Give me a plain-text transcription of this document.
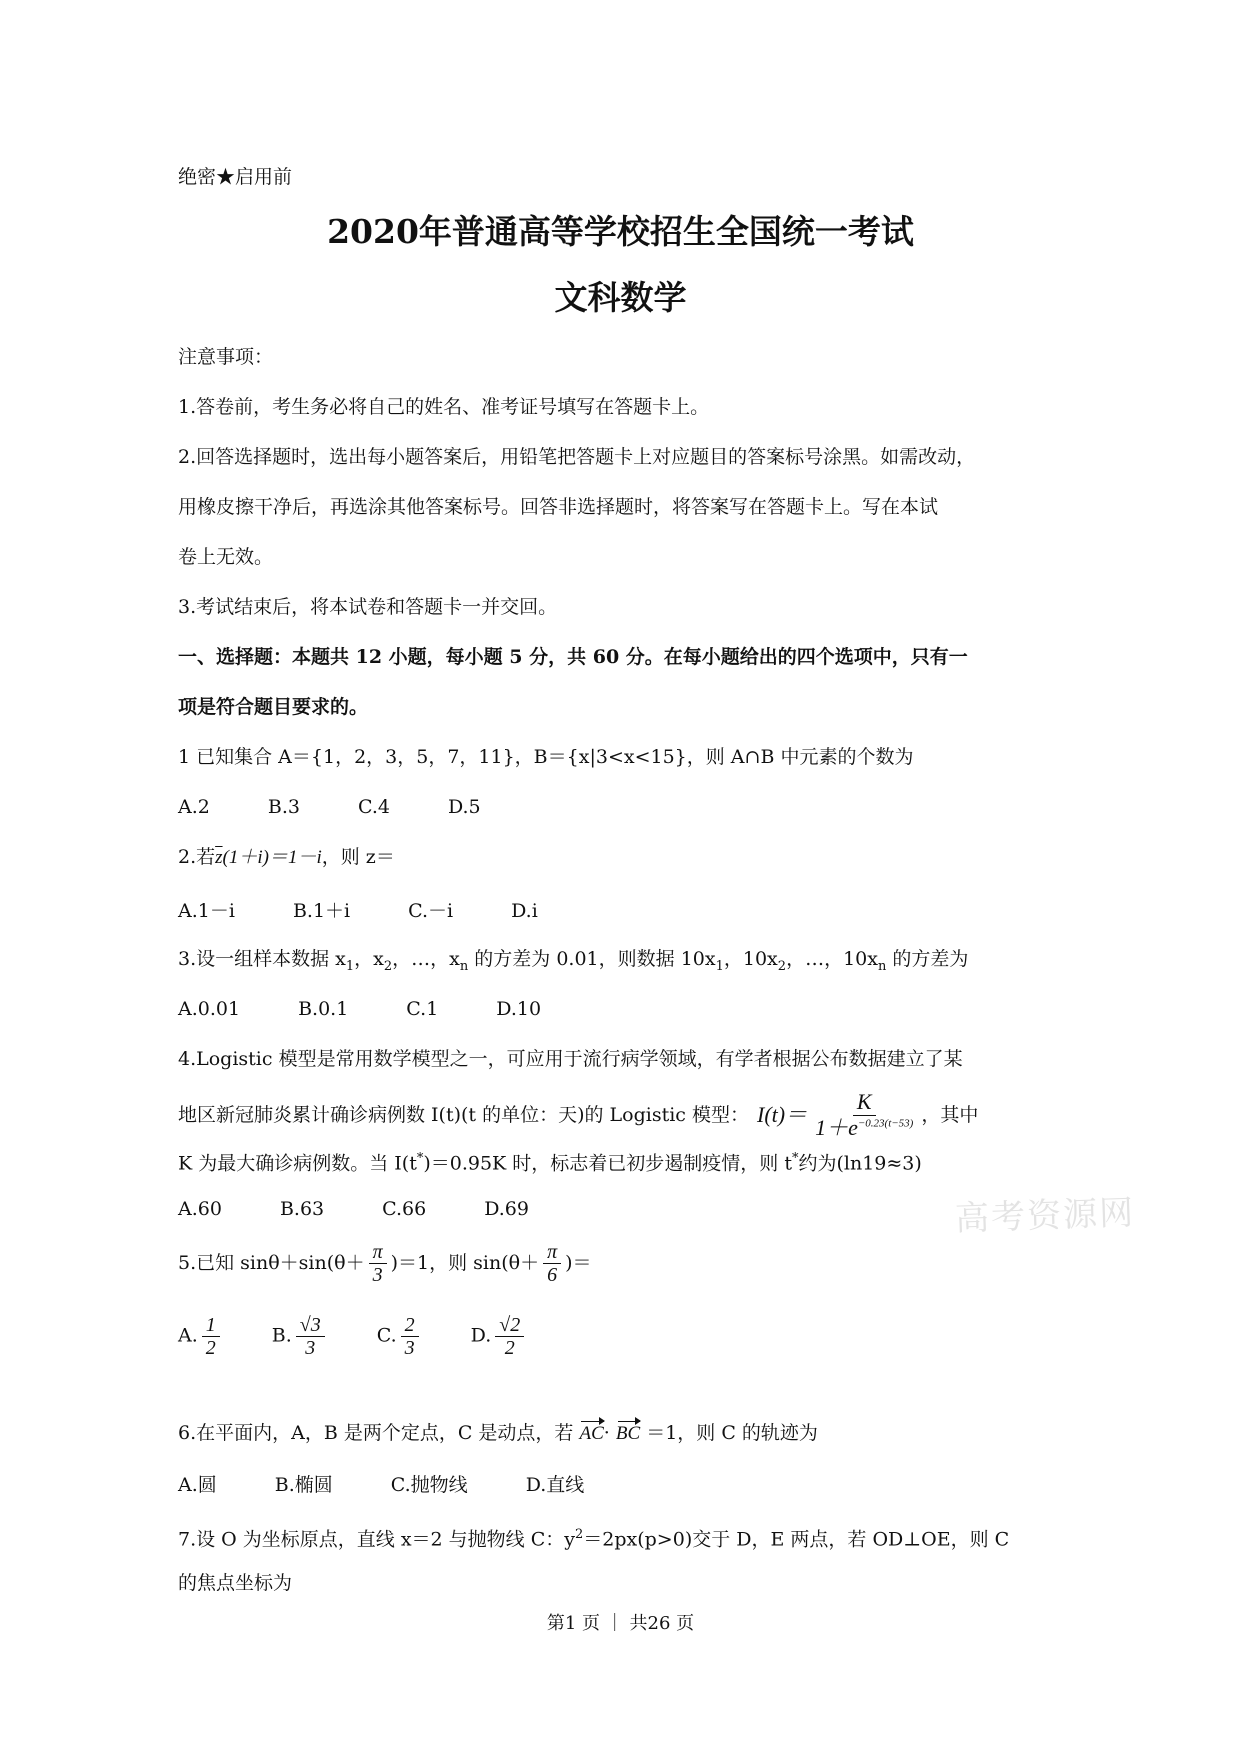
绝密★启用前
2020年普通高等学校招生全国统一考试
文科数学
注意事项：
1.答卷前，考生务必将自己的姓名、准考证号填写在答题卡上。
2.回答选择题时，选出每小题答案后，用铅笔把答题卡上对应题目的答案标号涂黑。如需改动，
用橡皮擦干净后，再选涂其他答案标号。回答非选择题时，将答案写在答题卡上。写在本试
卷上无效。
3.考试结束后，将本试卷和答题卡一并交回。
一、选择题：本题共 12 小题，每小题 5 分，共 60 分。在每小题给出的四个选项中，只有一
项是符合题目要求的。
1 已知集合 A＝{1，2，3，5，7，11}，B＝{x|3<x<15}，则 A∩B 中元素的个数为
A.2	B.3	C.4	D.5
2.若$\overline{z}(1+i)=1-i$，则 z＝
A.1－i	B.1＋i	C.－i	D.i
3.设一组样本数据 $x_1$，$x_2$，…，$x_n$ 的方差为 0.01，则数据 $10x_1$，$10x_2$，…，$10x_n$ 的方差为
A.0.01	B.0.1	C.1	D.10
4.Logistic 模型是常用数学模型之一，可应用于流行病学领域，有学者根据公布数据建立了某
地区新冠肺炎累计确诊病例数 I(t)(t 的单位：天)的 Logistic 模型： $I(t)= \frac{K}{1+e^{-0.23(t-53)}}$ ，其中
K 为最大确诊病例数。当 I(t*)＝0.95K 时，标志着已初步遏制疫情，则 t*约为(ln19≈3)
A.60	B.63	C.66	D.69
5.已知 $\sin\theta+\sin(\theta+ \frac{\pi}{3} )=1$，则 $\sin(\theta+ \frac{\pi}{6}$ )＝
A. $\frac{1}{2}$	B. $\frac{√3}{3}$	C. $\frac{2}{3}$	D. $\frac{√2}{2}$
6.在平面内，A，B 是两个定点，C 是动点，若 AC· BC ＝1，则 C 的轨迹为
A.圆	B.椭圆	C.抛物线	D.直线
7.设 O 为坐标原点，直线 x＝2 与抛物线 C：$y^2=2px(p>0)$交于 D，E 两点，若 OD⊥OE，则 C
的焦点坐标为
高考资源网
第1 页 ｜ 共26 页
